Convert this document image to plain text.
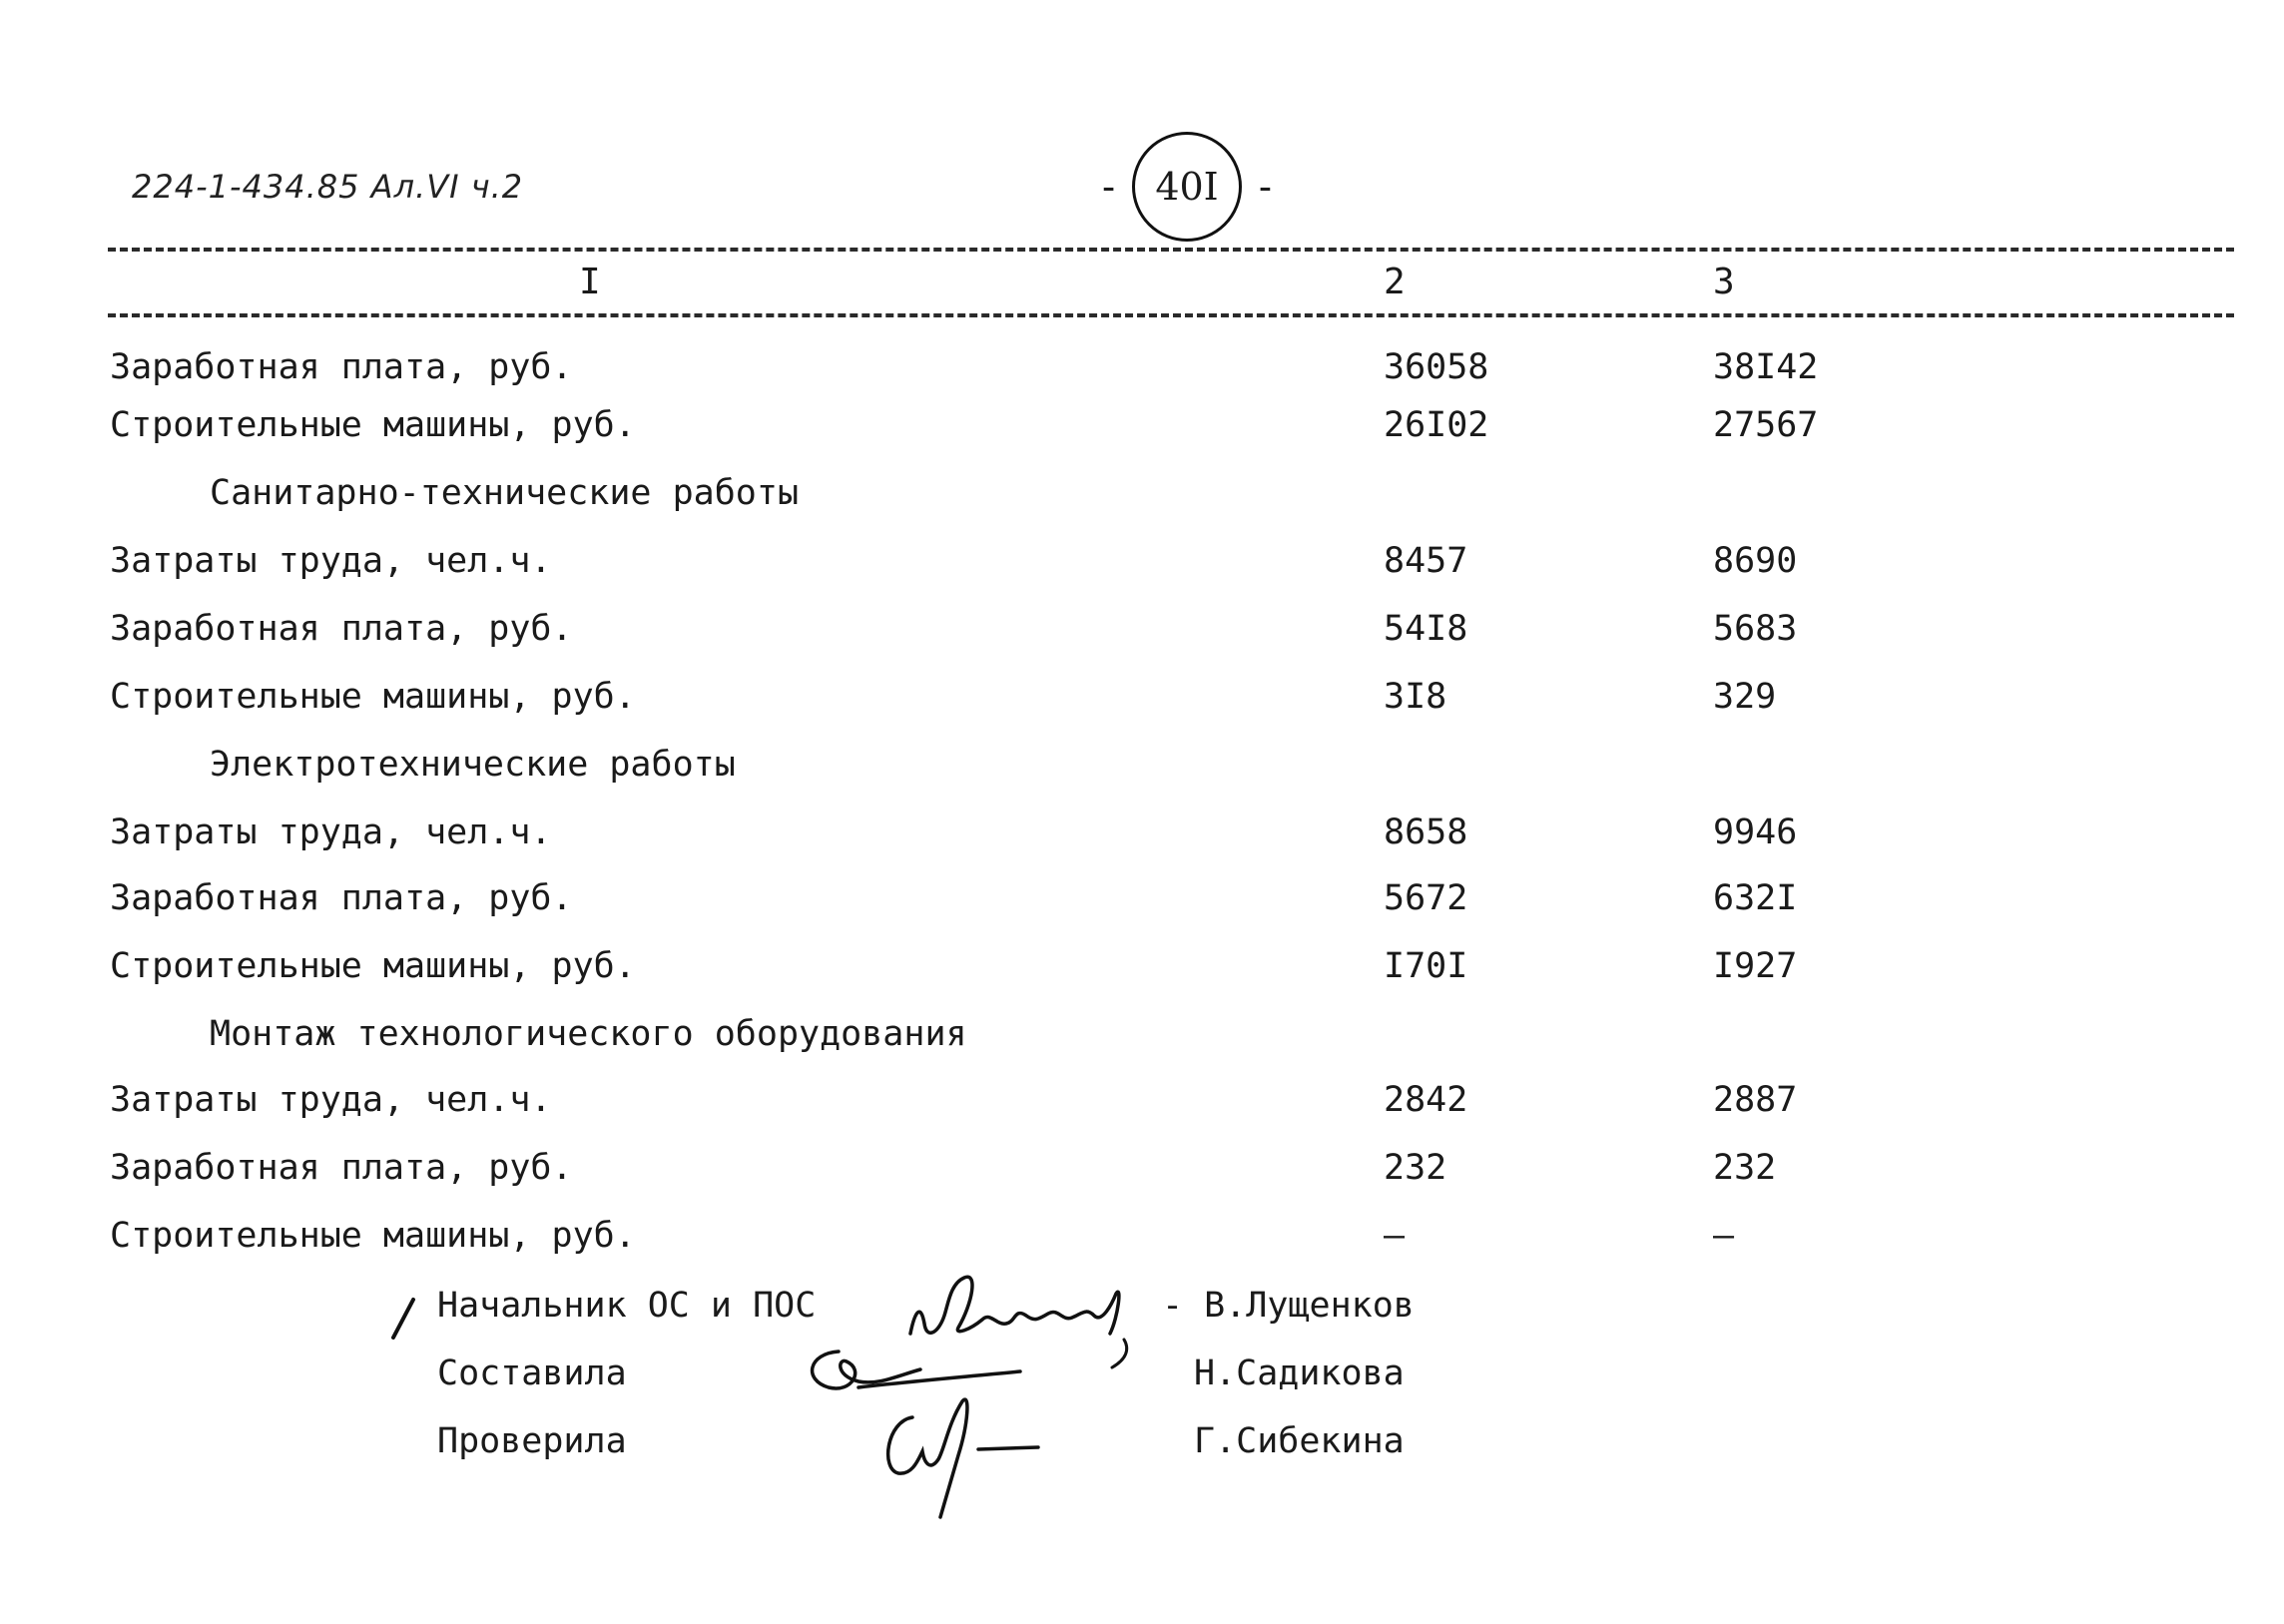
224-1-434.85 Ал.VI ч.2	- 40I -
I	2	3
Заработная плата, руб.	36058	38I42
Строительные машины, руб.	26I02	27567
Санитарно-технические работы
Затраты труда, чел.ч.	8457	8690
Заработная плата, руб.	54I8	5683
Строительные машины, руб.	3I8	329
Электротехнические работы
Затраты труда, чел.ч.	8658	9946
Заработная плата, руб.	5672	632I
Строительные машины, руб.	I70I	I927
Монтаж технологического оборудования
Затраты труда, чел.ч.	2842	2887
Заработная плата, руб.	232	232
Строительные машины, руб.	–	–
Начальник ОС и ПОС	- В.Лущенков
Составила	Н.Садикова
Проверила	Г.Сибекина
